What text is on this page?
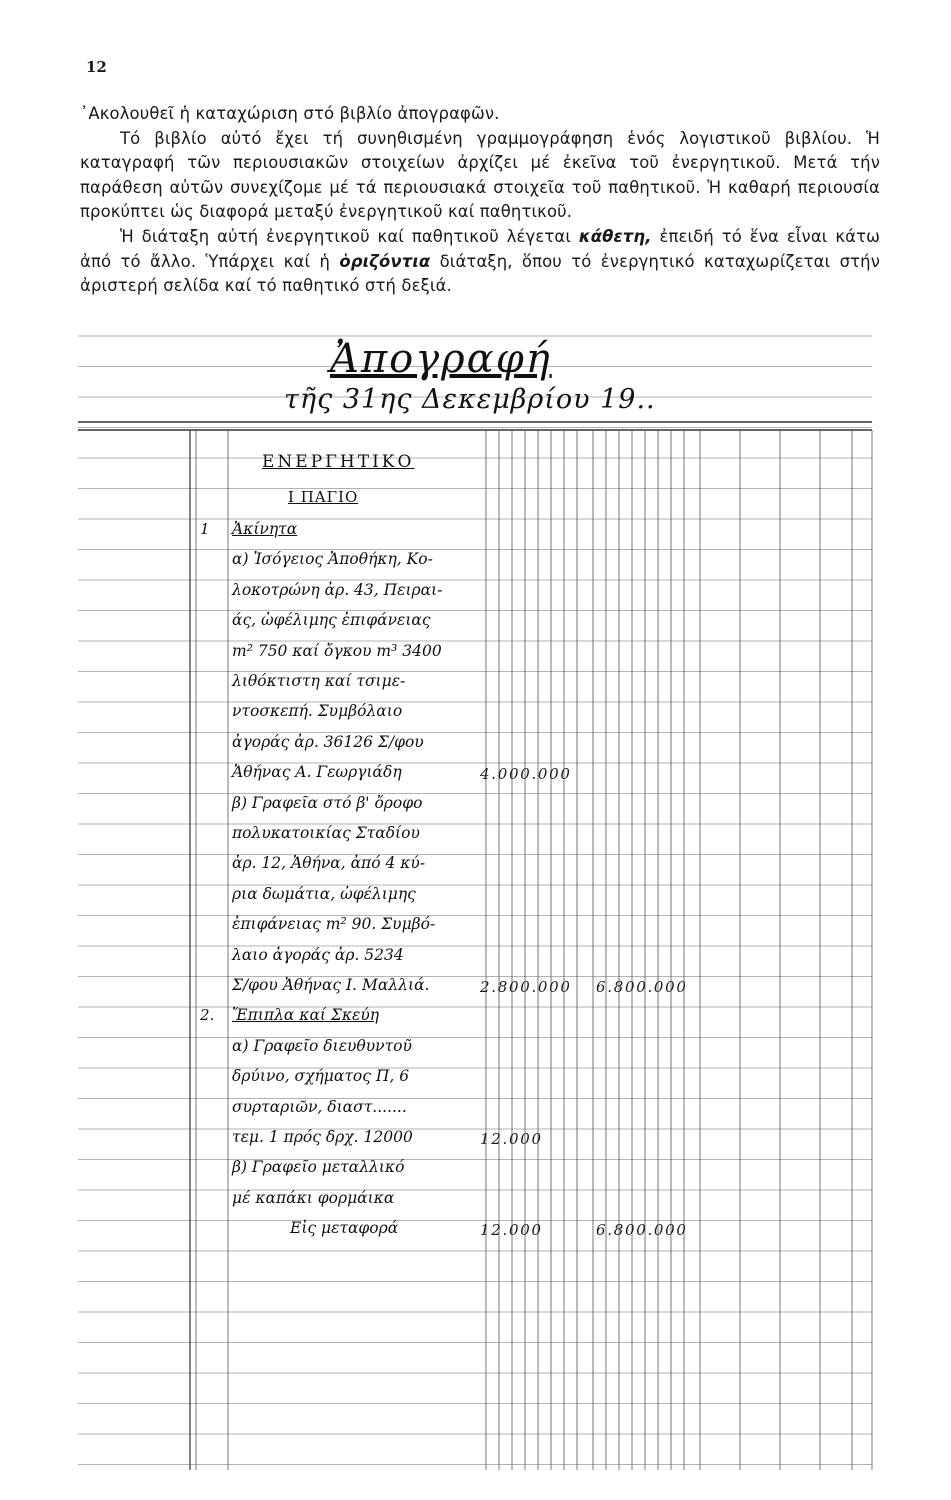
12

᾿Ακολουθεῖ ἡ καταχώριση στό βιβλίο ἀπογραφῶν.

Τό βιβλίο αὐτό ἔχει τή συνηθισμένη γραμμογράφηση ἑνός λογιστικοῦ βιβλίου. Ἡ καταγραφή τῶν περιουσιακῶν στοιχείων ἀρχίζει μέ ἐκεῖνα τοῦ ἐνεργητικοῦ. Μετά τήν παράθεση αὐτῶν συνεχίζομε μέ τά περιουσιακά στοιχεῖα τοῦ παθητικοῦ. Ἡ καθαρή περιουσία προκύπτει ὡς διαφορά μεταξύ ἐνεργητικοῦ καί παθητικοῦ.

Ἡ διάταξη αὐτή ἐνεργητικοῦ καί παθητικοῦ λέγεται κάθετη, ἐπειδή τό ἕνα εἶναι κάτω ἀπό τό ἄλλο. Ὑπάρχει καί ἡ ὁριζόντια διάταξη, ὅπου τό ἐνεργητικό καταχωρίζεται στήν ἀριστερή σελίδα καί τό παθητικό στή δεξιά.

Ἀπογραφή
τῆς 31ης Δεκεμβρίου 19..
ΕΝΕΡΓΗΤΙΚΟ
Ι ΠΑΓΙΟ
1 Ἀκίνητα
α) Ἰσόγειος Ἀποθήκη, Κο-
λοκοτρώνη ἀρ. 43, Πειραι-
άς, ὠφέλιμης ἐπιφάνειας
m² 750 καί ὄγκου m³ 3400
λιθόκτιστη καί τσιμε-
ντοσκεπή. Συμβόλαιο
ἀγοράς ἀρ. 36126 Σ/φου
Ἀθήνας Α. Γεωργιάδη	4.000.000
β) Γραφεῖα στό β' ὄροφο
πολυκατοικίας Σταδίου
ἀρ. 12, Ἀθήνα, ἀπό 4 κύ-
ρια δωμάτια, ὠφέλιμης
ἐπιφάνειας m² 90. Συμβό-
λαιο ἀγοράς ἀρ. 5234
Σ/φου Ἀθήνας Ι. Μαλλιά.	2.800.000 6.800.000
2. Ἔπιπλα καί Σκεύη
α) Γραφεῖο διευθυντοῦ
δρύινο, σχήματος Π, 6
συρταριῶν, διαστ.......
τεμ. 1 πρός δρχ. 12000	12.000
β) Γραφεῖο μεταλλικό
μέ καπάκι φορμάικα
Εἰς μεταφορά	12.000	6.800.000
